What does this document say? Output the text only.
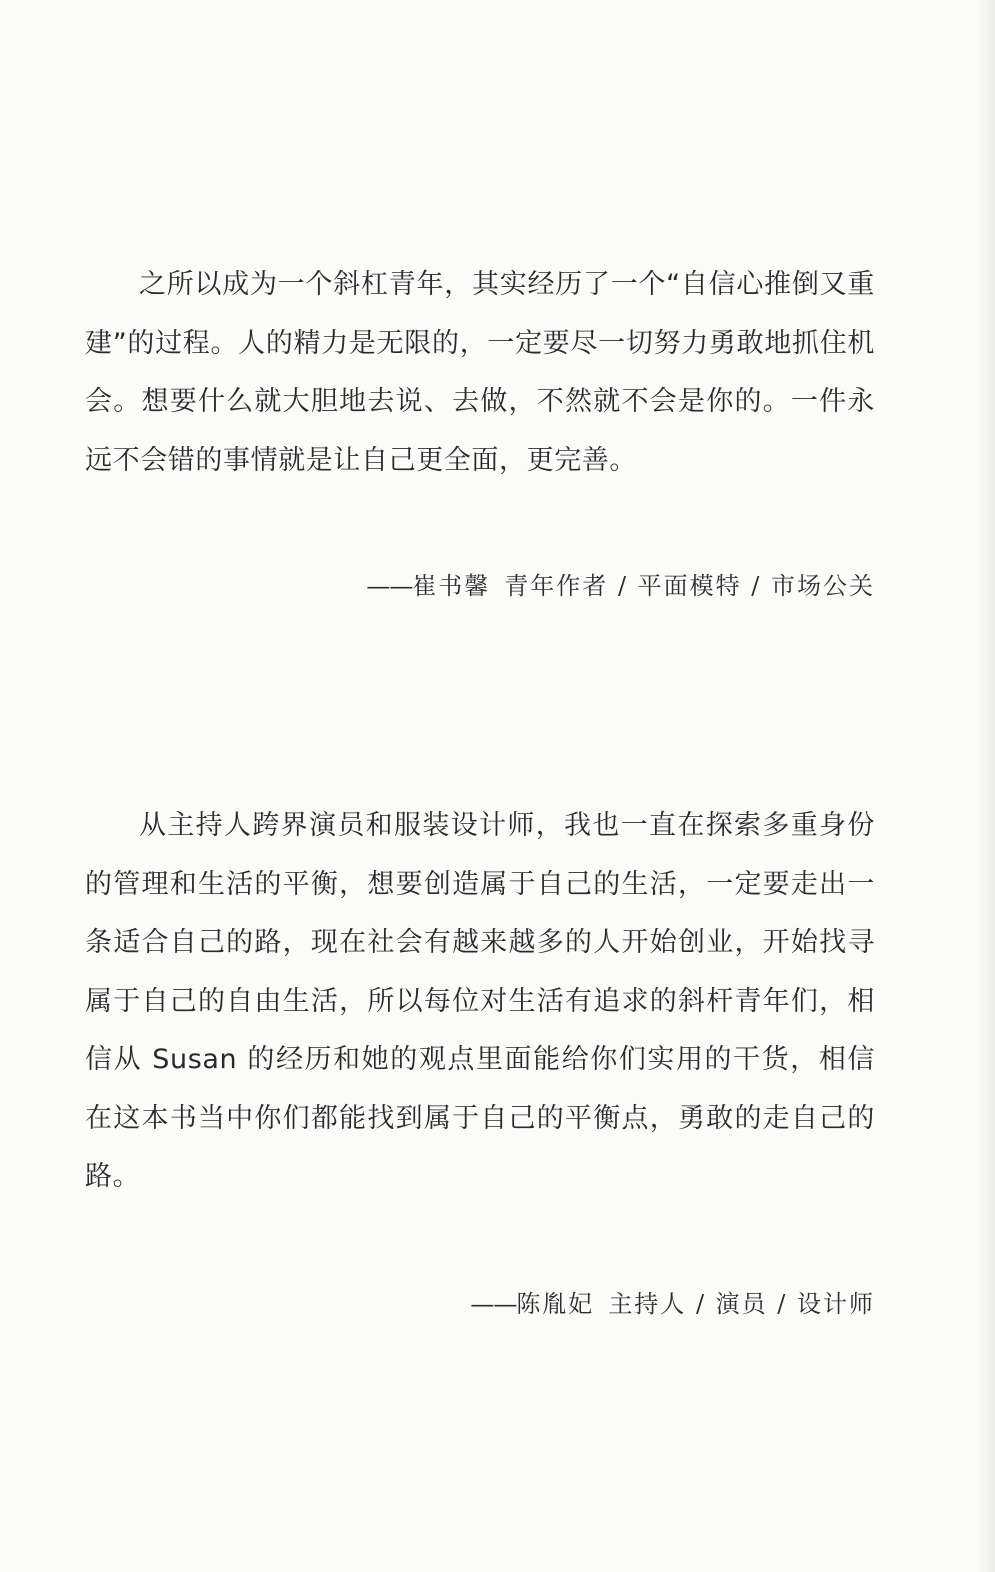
之所以成为一个斜杠青年，其实经历了一个“自信心推倒又重建”的过程。人的精力是无限的，一定要尽一切努力勇敢地抓住机会。想要什么就大胆地去说、去做，不然就不会是你的。一件永远不会错的事情就是让自己更全面，更完善。

——崔书馨 青年作者 / 平面模特 / 市场公关

从主持人跨界演员和服装设计师，我也一直在探索多重身份的管理和生活的平衡，想要创造属于自己的生活，一定要走出一条适合自己的路，现在社会有越来越多的人开始创业，开始找寻属于自己的自由生活，所以每位对生活有追求的斜杆青年们，相信从 Susan 的经历和她的观点里面能给你们实用的干货，相信在这本书当中你们都能找到属于自己的平衡点，勇敢的走自己的路。

——陈胤妃 主持人 / 演员 / 设计师
